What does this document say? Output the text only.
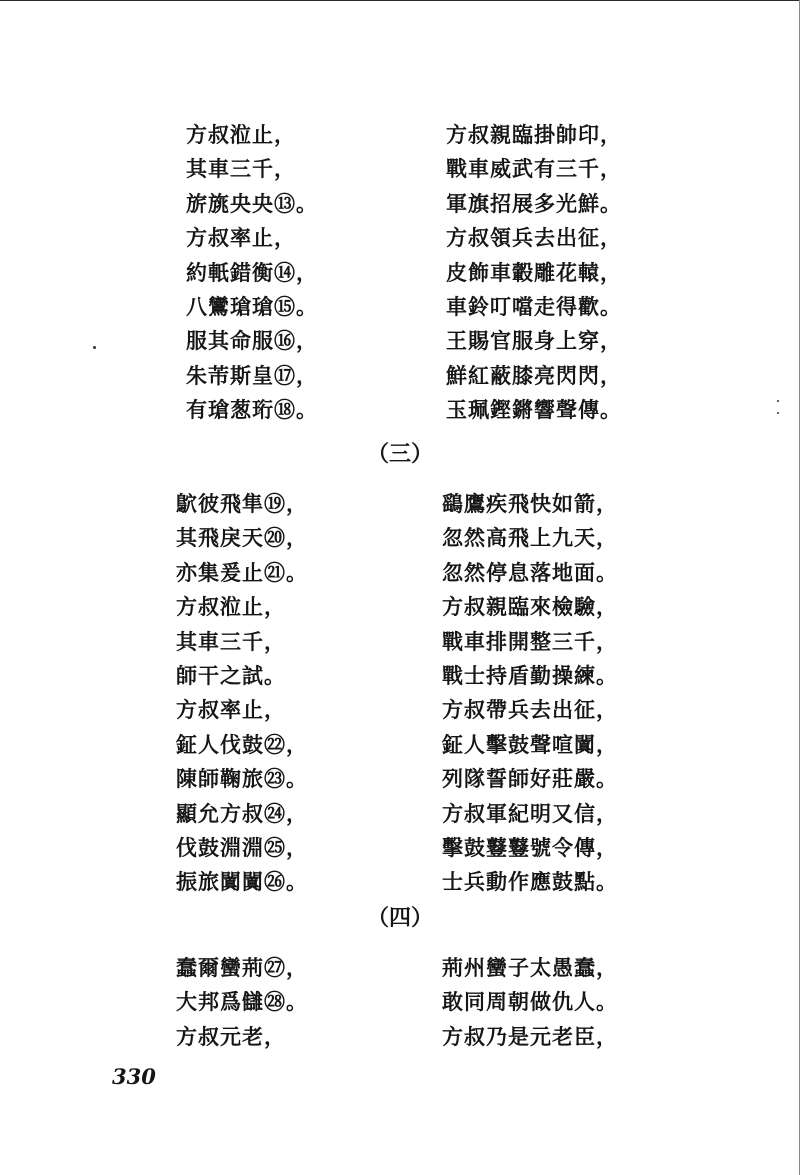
方叔涖止，	方叔親臨掛帥印，
其車三千，	戰車威武有三千，
旂旐央央⑬。	軍旗招展多光鮮。
方叔率止，	方叔領兵去出征，
約軝錯衡⑭，	皮飾車轂雕花轅，
八鸞瑲瑲⑮。	車鈴叮噹走得歡。
服其命服⑯，	王賜官服身上穿，
朱芾斯皇⑰，	鮮紅蔽膝亮閃閃，
有瑲葱珩⑱。	玉珮鏗鏘響聲傳。
（三）
鴥彼飛隼⑲，	鷂鷹疾飛快如箭，
其飛戾天⑳，	忽然高飛上九天，
亦集爰止㉑。	忽然停息落地面。
方叔涖止，	方叔親臨來檢驗，
其車三千，	戰車排開整三千，
師干之試。	戰士持盾勤操練。
方叔率止，	方叔帶兵去出征，
鉦人伐鼓㉒，	鉦人擊鼓聲喧闐，
陳師鞠旅㉓。	列隊誓師好莊嚴。
顯允方叔㉔，	方叔軍紀明又信，
伐鼓淵淵㉕，	擊鼓鼟鼟號令傳，
振旅闐闐㉖。	士兵動作應鼓點。
（四）
蠢爾蠻荊㉗，	荊州蠻子太愚蠢，
大邦爲讎㉘。	敢同周朝做仇人。
方叔元老，	方叔乃是元老臣，
330
